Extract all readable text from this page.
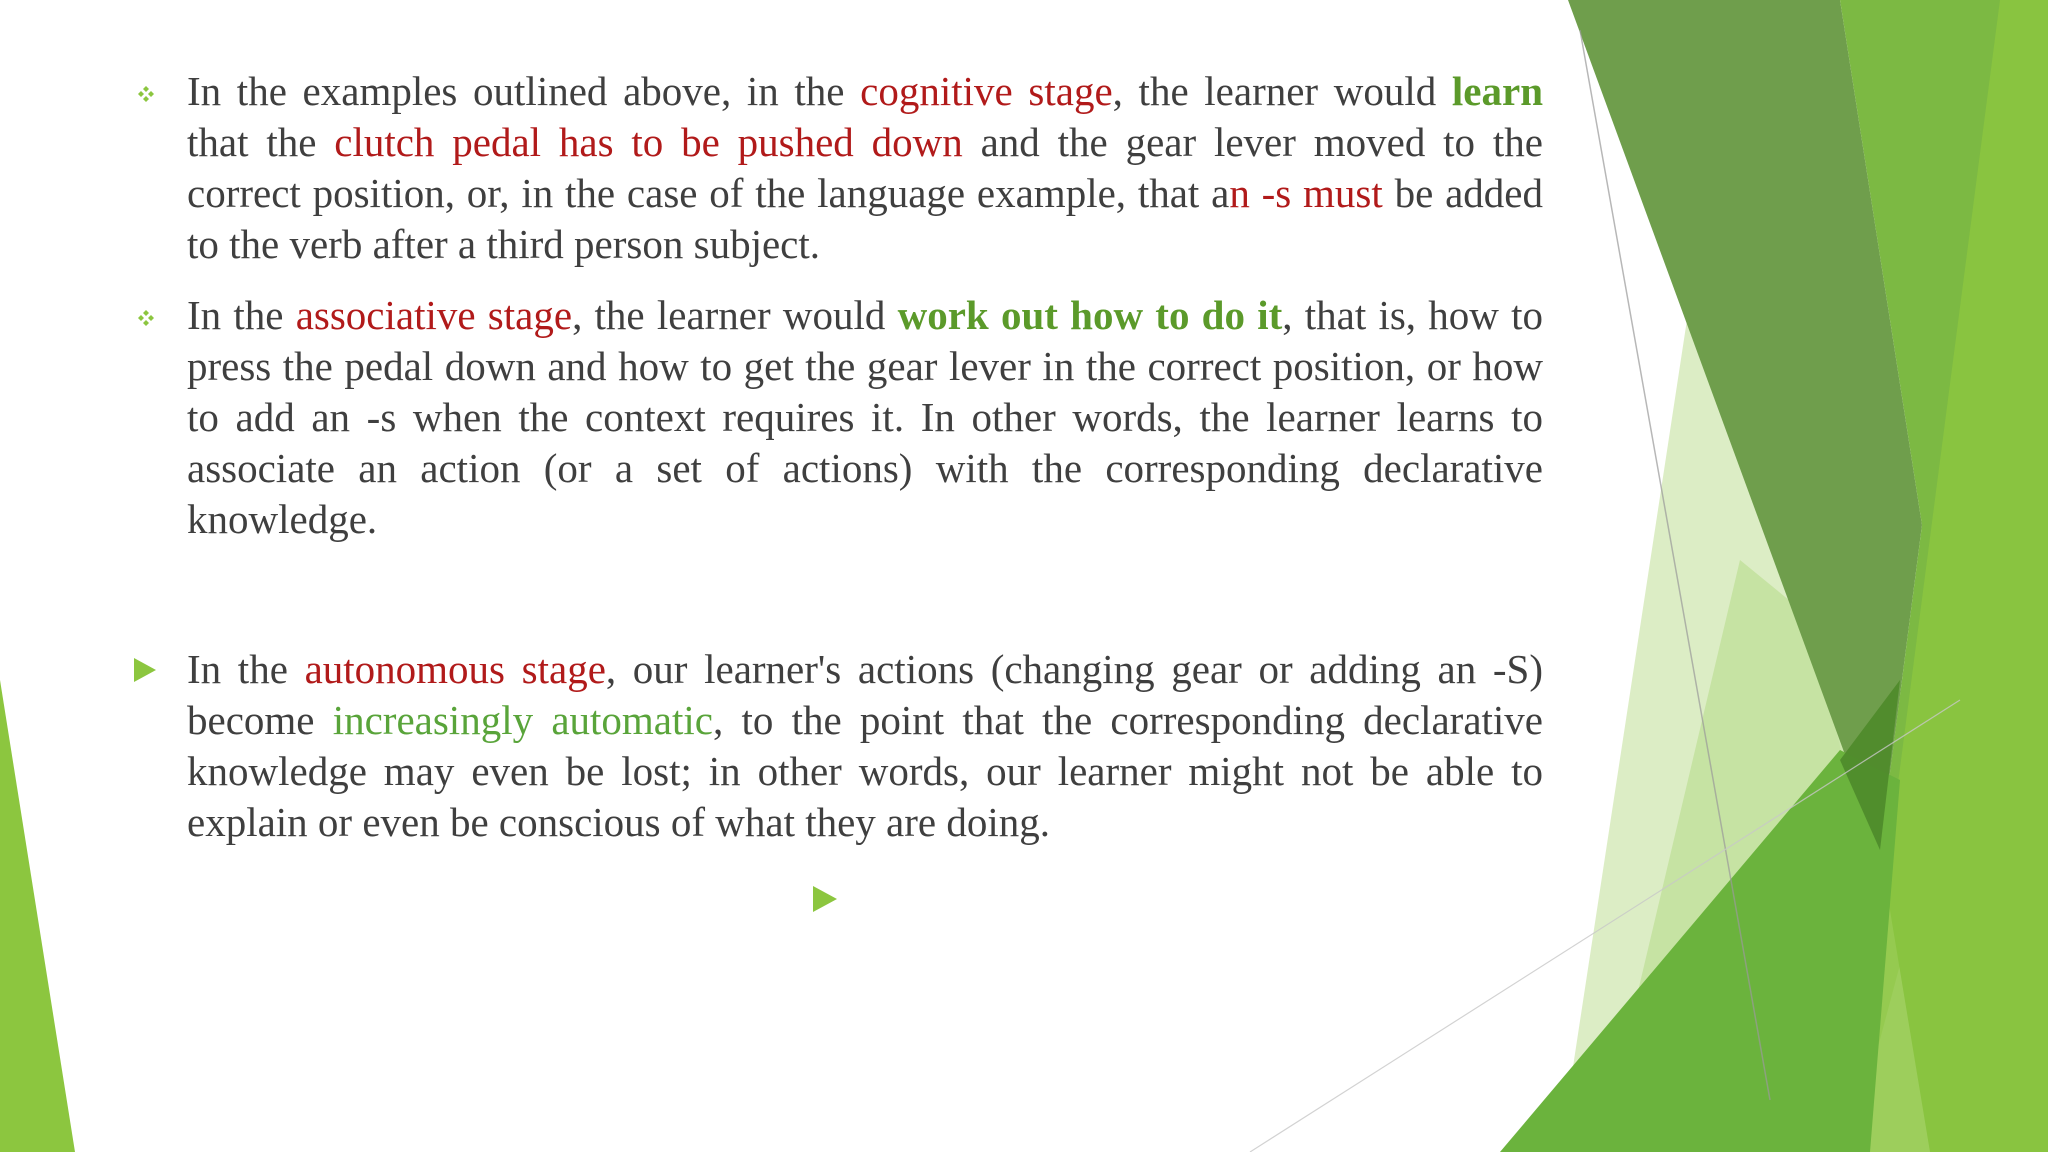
In the examples outlined above, in the cognitive stage, the learner would learn that the clutch pedal has to be pushed down and the gear lever moved to the correct position, or, in the case of the language example, that an -s must be added to the verb after a third person subject.
In the associative stage, the learner would work out how to do it, that is, how to press the pedal down and how to get the gear lever in the correct position, or how to add an -s when the context requires it. In other words, the learner learns to associate an action (or a set of actions) with the corresponding declarative knowledge.
In the autonomous stage, our learner's actions (changing gear or adding an -S) become increasingly automatic, to the point that the corresponding declarative knowledge may even be lost; in other words, our learner might not be able to explain or even be conscious of what they are doing.
